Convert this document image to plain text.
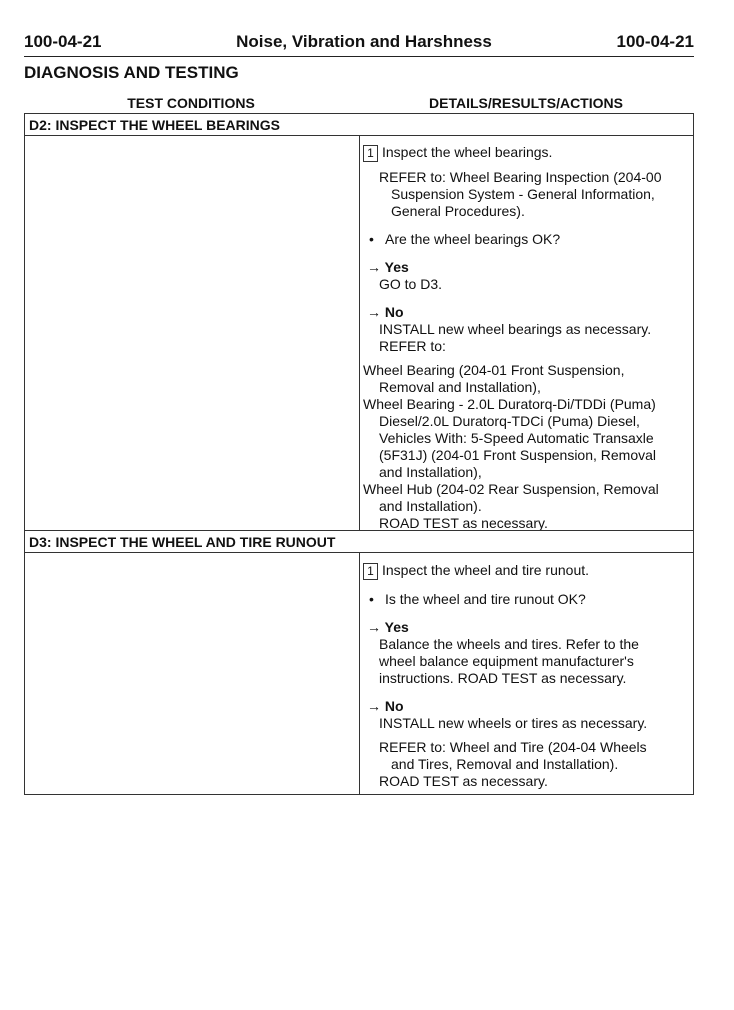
100-04-21	Noise, Vibration and Harshness	100-04-21
DIAGNOSIS AND TESTING
TEST CONDITIONS	DETAILS/RESULTS/ACTIONS
D2: INSPECT THE WHEEL BEARINGS
1 Inspect the wheel bearings.

REFER to: Wheel Bearing Inspection (204-00

Suspension System - General Information,

General Procedures).

• Are the wheel bearings OK?

→ Yes

GO to D3.

→ No

INSTALL new wheel bearings as necessary.

REFER to:

Wheel Bearing (204-01 Front Suspension,

Removal and Installation),

Wheel Bearing - 2.0L Duratorq-Di/TDDi (Puma)

Diesel/2.0L Duratorq-TDCi (Puma) Diesel,

Vehicles With: 5-Speed Automatic Transaxle

(5F31J) (204-01 Front Suspension, Removal

and Installation),

Wheel Hub (204-02 Rear Suspension, Removal

and Installation).

ROAD TEST as necessary.

D3: INSPECT THE WHEEL AND TIRE RUNOUT
1 Inspect the wheel and tire runout.
• Is the wheel and tire runout OK?

→ Yes

Balance the wheels and tires. Refer to the

wheel balance equipment manufacturer's

instructions. ROAD TEST as necessary.

→ No

INSTALL new wheels or tires as necessary.

REFER to: Wheel and Tire (204-04 Wheels

and Tires, Removal and Installation).

ROAD TEST as necessary.
